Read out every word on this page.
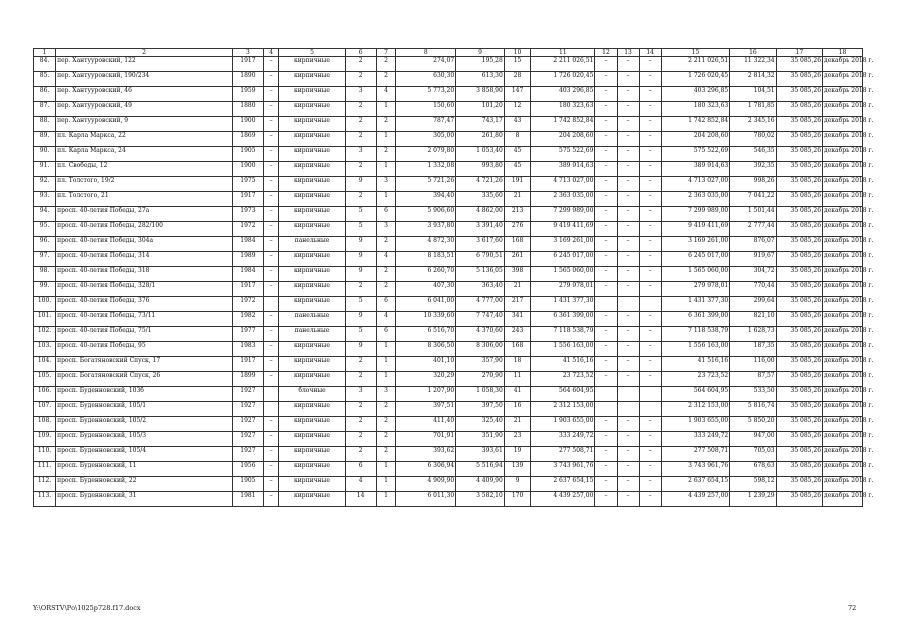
1	2	3	4	5	6	7	8	9	10	11	12	13	14	15	16	17	18
84.	пер. Хантууровский, 122	1917	–	кирпичные	2	2	274,07	195,28	15	2 211 026,51	–	–	–	2 211 026,51	11 322,34	35 085,26	декабрь 2018 г.
85.	пер. Хантууровский, 190/234	1890	–	кирпичные	2	2	630,30	613,30	28	1 726 020,45	–	–	–	1 726 020,45	2 814,32	35 085,26	декабрь 2018 г.
86.	пер. Хантууровский, 46	1959	–	кирпичные	3	4	5 773,20	3 858,90	147	403 296,85	–	–	–	403 296,85	104,51	35 085,26	декабрь 2018 г.
87.	пер. Хантууровский, 49	1880	–	кирпичные	2	1	150,60	101,20	12	180 323,63	–	–	–	180 323,63	1 781,85	35 085,26	декабрь 2018 г.
88.	пер. Хантууровский, 9	1900	–	кирпичные	2	2	787,47	743,17	43	1 742 852,84	–	–	–	1 742 852,84	2 345,16	35 085,26	декабрь 2018 г.
89.	пл. Карла Маркса, 22	1869	–	кирпичные	2	1	305,00	261,80	8	204 208,60	–	–	–	204 208,60	780,02	35 085,26	декабрь 2018 г.
90.	пл. Карла Маркса, 24	1905	–	кирпичные	3	2	2 079,80	1 053,40	45	575 522,69	–	–	–	575 522,69	546,35	35 085,26	декабрь 2018 г.
91.	пл. Свободы, 12	1900	–	кирпичные	2	1	1 332,08	993,80	45	389 914,63	–	–	–	389 914,63	392,35	35 085,26	декабрь 2018 г.
92.	пл. Толстого, 19/2	1975	–	кирпичные	9	3	5 721,26	4 721,26	191	4 713 027,00	–	–	–	4 713 027,00	998,26	35 085,26	декабрь 2018 г.
93.	пл. Толстого, 21	1917	–	кирпичные	2	1	394,40	335,60	21	2 363 035,00	–	–	–	2 363 035,00	7 041,22	35 085,26	декабрь 2018 г.
94.	просп. 40-летия Победы, 27а	1973	–	кирпичные	5	6	5 906,60	4 862,00	213	7 299 989,00	–	–	–	7 299 989,00	1 501,44	35 085,26	декабрь 2018 г.
95.	просп. 40-летия Победы, 282/100	1972	–	кирпичные	5	3	3 937,80	3 391,40	276	9 419 411,69	–	–	–	9 419 411,69	2 777,44	35 085,26	декабрь 2018 г.
96.	просп. 40-летия Победы, 304а	1984	–	панельные	9	2	4 872,30	3 617,60	168	3 169 261,00	–	–	–	3 169 261,00	876,07	35 085,26	декабрь 2018 г.
97.	просп. 40-летия Победы, 314	1989	–	кирпичные	9	4	8 183,51	6 790,51	261	6 245 017,00	–	–	–	6 245 017,00	919,67	35 085,26	декабрь 2018 г.
98.	просп. 40-летия Победы, 318	1984	–	кирпичные	9	2	6 260,70	5 136,05	398	1 565 060,00	–	–	–	1 565 060,00	304,72	35 085,26	декабрь 2018 г.
99.	просп. 40-летия Победы, 328/1	1917	–	кирпичные	2	2	407,30	363,40	21	279 978,01	–	–	–	279 978,01	770,44	35 085,26	декабрь 2018 г.
100.	просп. 40-летия Победы, 376	1972		кирпичные	5	6	6 041,00	4 777,00	217	1 431 377,30				1 431 377,30	299,64	35 085,26	декабрь 2018 г.
101.	просп. 40-летия Победы, 73/11	1982	–	панельные	9	4	10 339,60	7 747,40	341	6 361 399,00	–	–	–	6 361 399,00	821,10	35 085,26	декабрь 2018 г.
102.	просп. 40-летия Победы, 75/1	1977	–	панельные	5	6	6 516,70	4 370,60	243	7 118 538,79	–	–	–	7 118 538,79	1 628,73	35 085,26	декабрь 2018 г.
103.	просп. 40-летия Победы, 95	1983	–	кирпичные	9	1	8 306,50	8 306,00	168	1 556 163,00	–	–	–	1 556 163,00	187,35	35 085,26	декабрь 2018 г.
104.	просп. Богатяновский Спуск, 17	1917	–	кирпичные	2	1	401,10	357,90	18	41 516,16	–	–	–	41 516,16	116,00	35 085,26	декабрь 2018 г.
105.	просп. Богатяновский Спуск, 26	1899	–	кирпичные	2	1	320,29	270,90	11	23 723,52	–	–	–	23 723,52	87,57	35 085,26	декабрь 2018 г.
106.	просп. Буденновский, 103б	1927		блочные	3	3	1 207,90	1 058,30	41	564 604,95				564 604,95	533,50	35 085,26	декабрь 2018 г.
107.	просп. Буденновский, 105/1	1927		кирпичные	2	2	397,51	397,50	16	2 312 153,00				2 312 153,00	5 816,74	35 085,26	декабрь 2018 г.
108.	просп. Буденновский, 105/2	1927	–	кирпичные	2	2	411,40	325,40	21	1 903 655,00	–	–	–	1 903 655,00	5 850,20	35 085,26	декабрь 2018 г.
109.	просп. Буденновский, 105/3	1927	–	кирпичные	2	2	701,91	351,90	23	333 249,72	–	–	–	333 249,72	947,00	35 085,26	декабрь 2018 г.
110.	просп. Буденновский, 105/4	1927	–	кирпичные	2	2	393,62	393,61	19	277 508,71	–	–	–	277 508,71	705,03	35 085,26	декабрь 2018 г.
111.	просп. Буденновский, 11	1956	–	кирпичные	6	1	6 306,94	5 516,94	139	3 743 961,76	–	–	–	3 743 961,76	678,63	35 085,26	декабрь 2018 г.
112.	просп. Буденновский, 22	1905	–	кирпичные	4	1	4 909,90	4 409,90	9	2 637 654,15	–	–	–	2 637 654,15	598,12	35 085,26	декабрь 2018 г.
113.	просп. Буденновский, 31	1981	–	кирпичные	14	1	6 011,30	3 582,10	170	4 439 257,00	–	–	–	4 439 257,00	1 239,29	35 085,26	декабрь 2018 г.
Y:\ORSTV\Ро\1025р728.f17.docx	72
